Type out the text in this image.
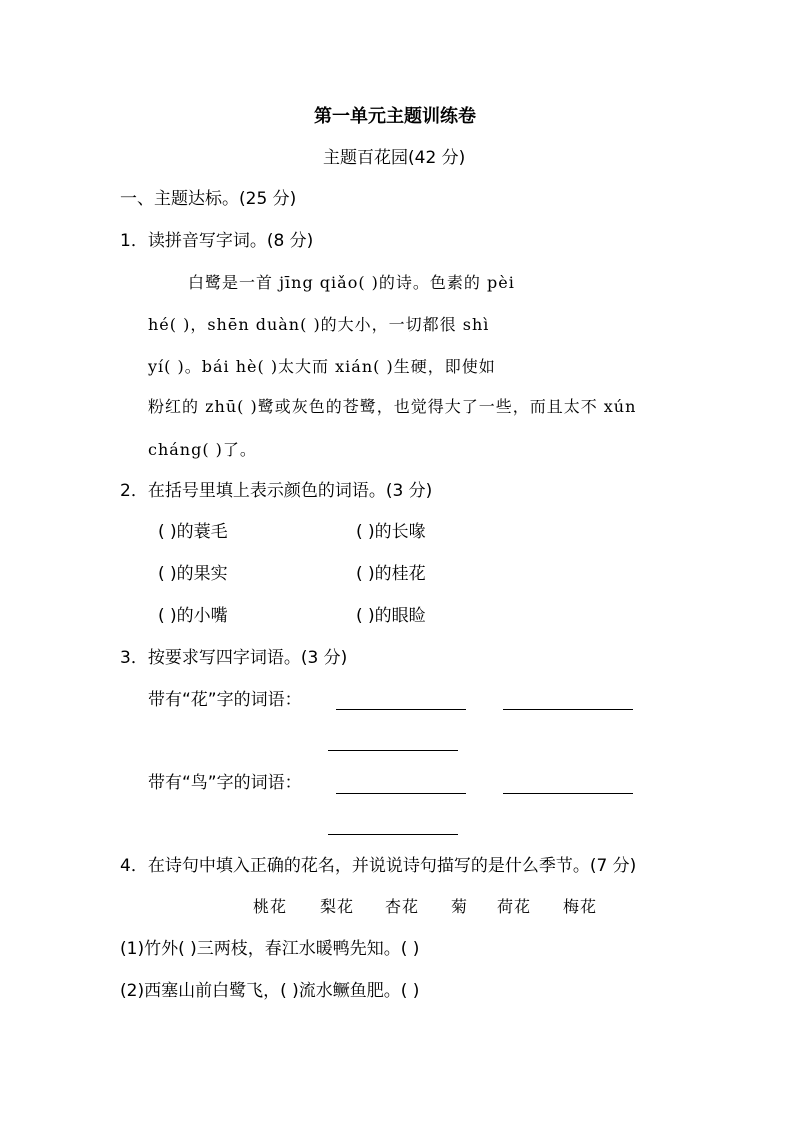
第一单元主题训练卷
主题百花园(42 分)
一、主题达标。(25 分)
1．读拼音写字词。(8 分)
白鹭是一首 jīng qiǎo( )的诗。色素的 pèi
hé( )，shēn duàn( )的大小，一切都很 shì
yí( )。bái hè( )太大而 xián( )生硬，即使如
粉红的 zhū( )鹭或灰色的苍鹭，也觉得大了一些，而且太不 xún
cháng( )了。
2．在括号里填上表示颜色的词语。(3 分)
( )的蓑毛	( )的长喙
( )的果实	( )的桂花
( )的小嘴	( )的眼睑
3．按要求写四字词语。(3 分)
带有“花”字的词语：
带有“鸟”字的词语：
4．在诗句中填入正确的花名，并说说诗句描写的是什么季节。(7 分)
桃花 梨花 杏花 菊 荷花 梅花
(1)竹外( )三两枝，春江水暖鸭先知。( )
(2)西塞山前白鹭飞，( )流水鳜鱼肥。( )
